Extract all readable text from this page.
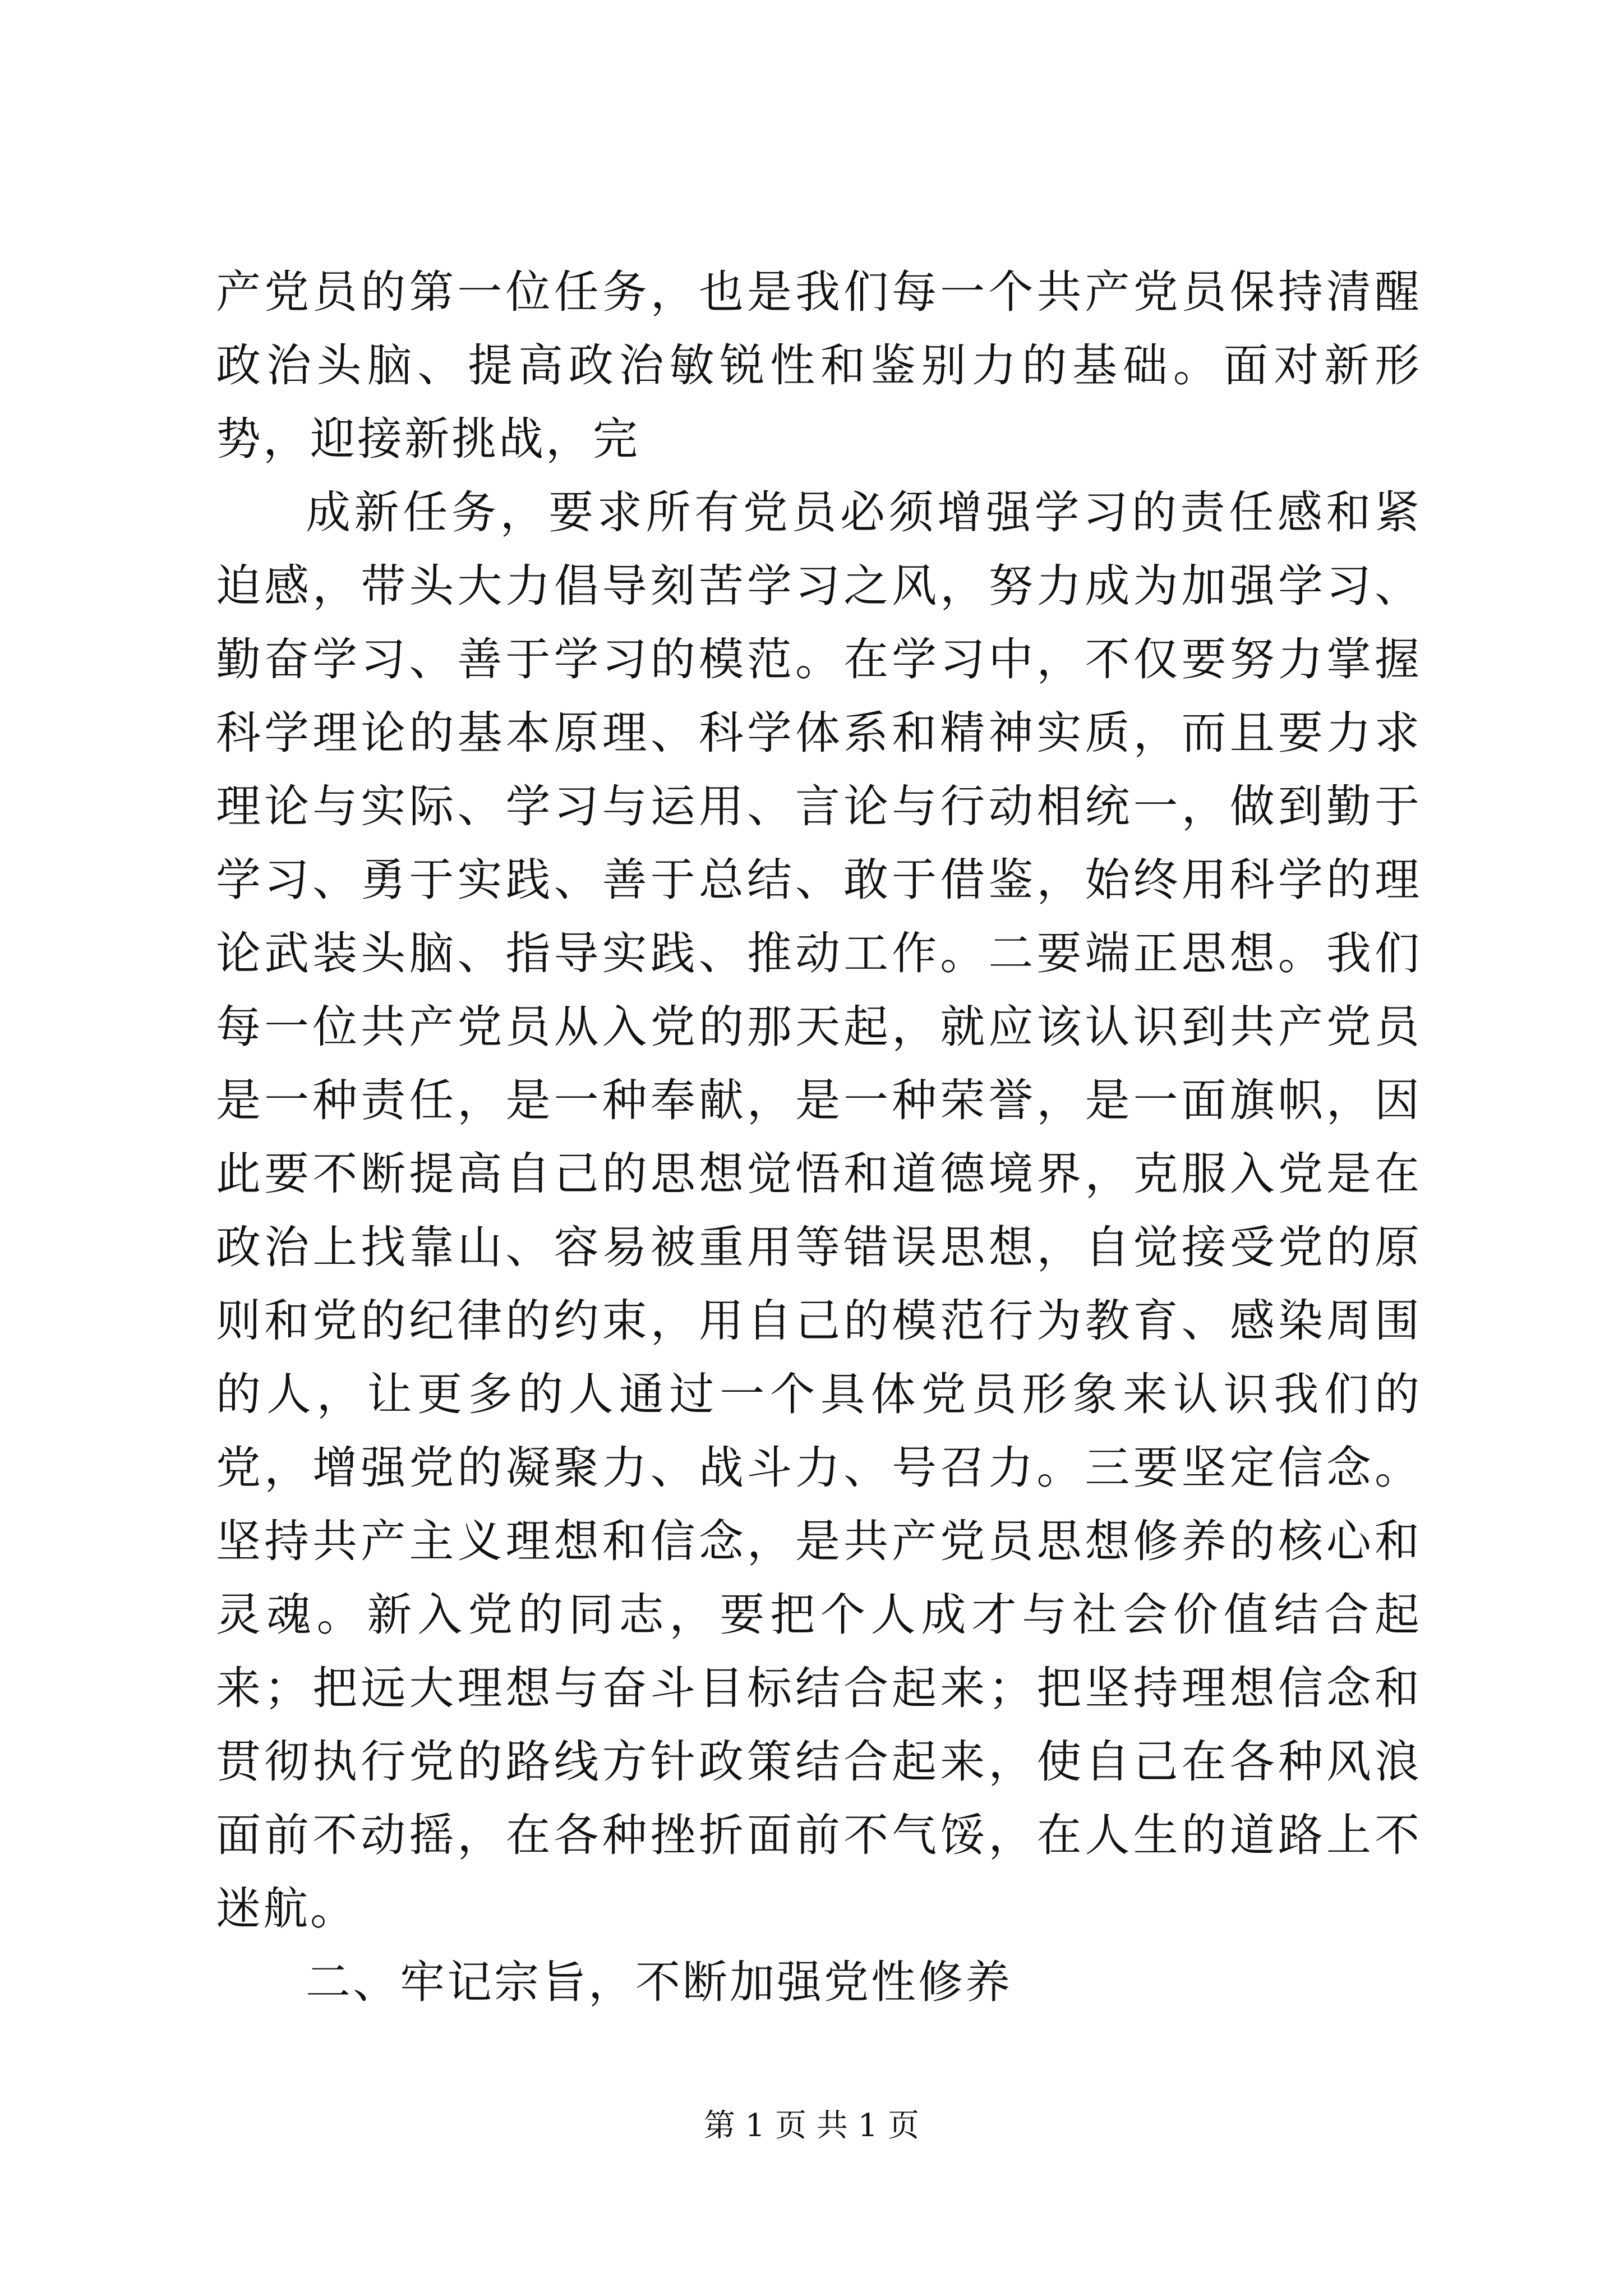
产党员的第一位任务，也是我们每一个共产党员保持清醒政治头脑、提高政治敏锐性和鉴别力的基础。面对新形势，迎接新挑战，完

成新任务，要求所有党员必须增强学习的责任感和紧迫感，带头大力倡导刻苦学习之风，努力成为加强学习、勤奋学习、善于学习的模范。在学习中，不仅要努力掌握科学理论的基本原理、科学体系和精神实质，而且要力求理论与实际、学习与运用、言论与行动相统一，做到勤于学习、勇于实践、善于总结、敢于借鉴，始终用科学的理论武装头脑、指导实践、推动工作。二要端正思想。我们每一位共产党员从入党的那天起，就应该认识到共产党员是一种责任，是一种奉献，是一种荣誉，是一面旗帜，因此要不断提高自己的思想觉悟和道德境界，克服入党是在政治上找靠山、容易被重用等错误思想，自觉接受党的原则和党的纪律的约束，用自己的模范行为教育、感染周围的人，让更多的人通过一个具体党员形象来认识我们的党，增强党的凝聚力、战斗力、号召力。三要坚定信念。坚持共产主义理想和信念，是共产党员思想修养的核心和灵魂。新入党的同志，要把个人成才与社会价值结合起来；把远大理想与奋斗目标结合起来；把坚持理想信念和贯彻执行党的路线方针政策结合起来，使自己在各种风浪面前不动摇，在各种挫折面前不气馁，在人生的道路上不迷航。

二、牢记宗旨，不断加强党性修养

第 1 页 共 1 页
